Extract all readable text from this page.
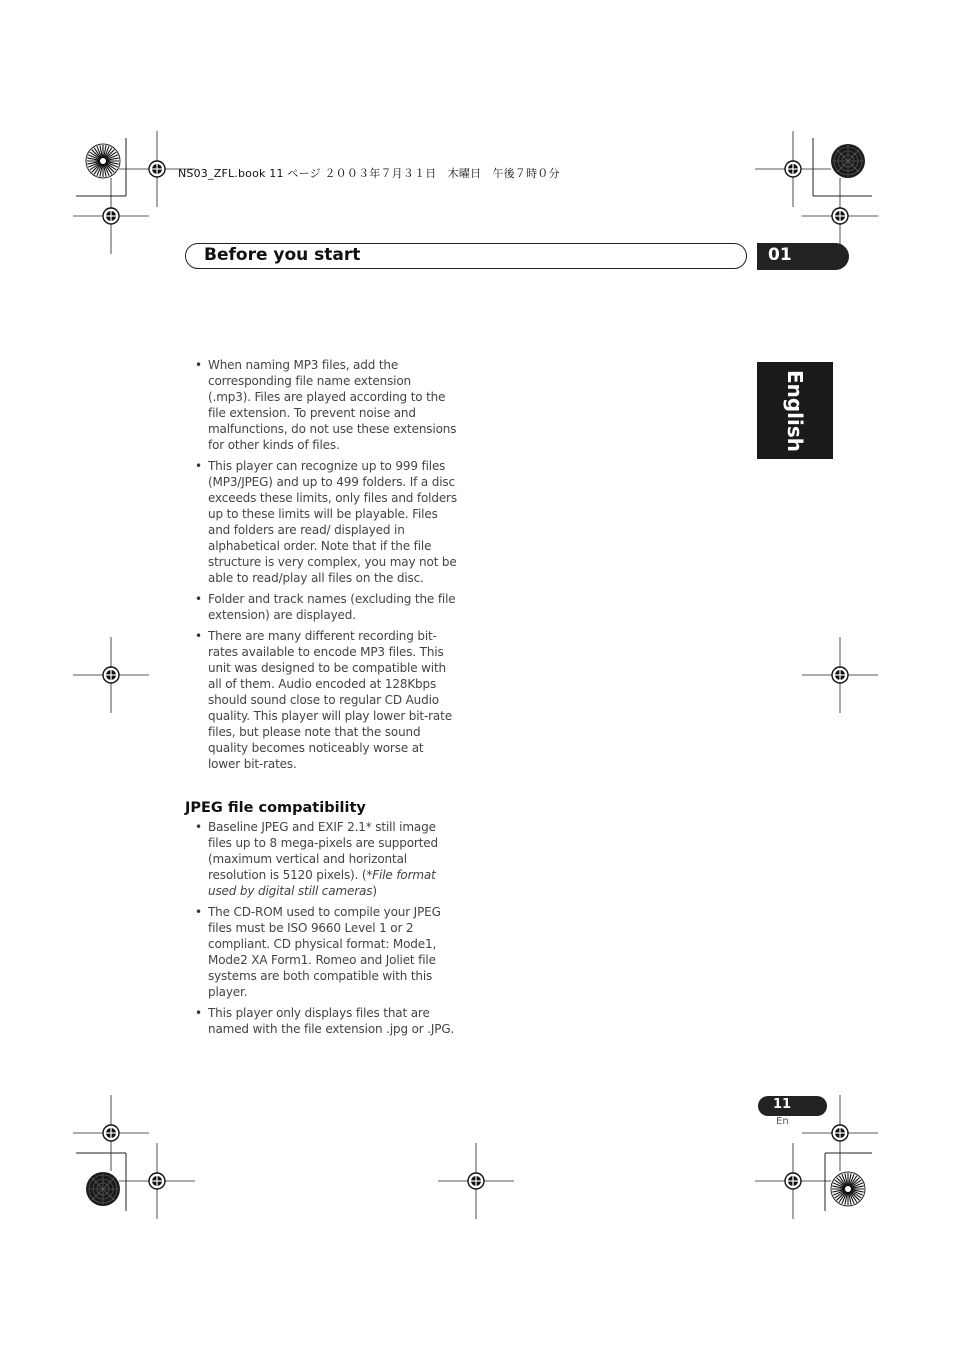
NS03_ZFL.book 11 ページ ２００３年７月３１日　木曜日　午後７時０分
Before you start	01
English
• When naming MP3 files, add the corresponding file name extension (.mp3). Files are played according to the file extension. To prevent noise and malfunctions, do not use these extensions for other kinds of files.
• This player can recognize up to 999 files (MP3/JPEG) and up to 499 folders. If a disc exceeds these limits, only files and folders up to these limits will be playable. Files and folders are read/ displayed in alphabetical order. Note that if the file structure is very complex, you may not be able to read/play all files on the disc.
• Folder and track names (excluding the file extension) are displayed.
• There are many different recording bit-rates available to encode MP3 files. This unit was designed to be compatible with all of them. Audio encoded at 128Kbps should sound close to regular CD Audio quality. This player will play lower bit-rate files, but please note that the sound quality becomes noticeably worse at lower bit-rates.
JPEG file compatibility
• Baseline JPEG and EXIF 2.1* still image files up to 8 mega-pixels are supported (maximum vertical and horizontal resolution is 5120 pixels). (*File format used by digital still cameras)
• The CD-ROM used to compile your JPEG files must be ISO 9660 Level 1 or 2 compliant. CD physical format: Mode1, Mode2 XA Form1. Romeo and Joliet file systems are both compatible with this player.
• This player only displays files that are named with the file extension .jpg or .JPG.
11
En
